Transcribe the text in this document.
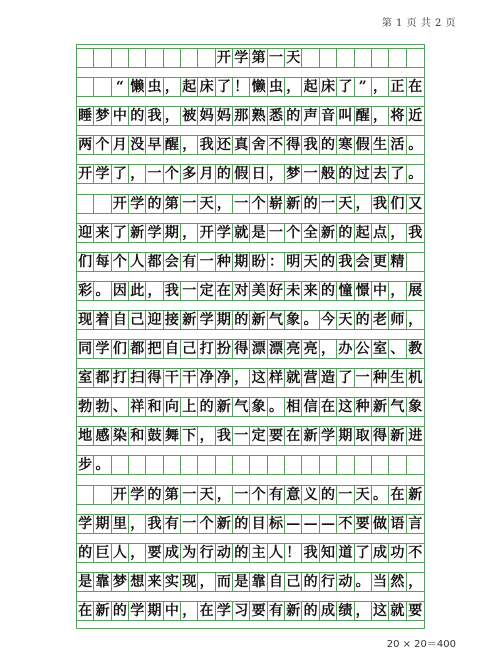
第 1 页 共 2 页
开 学 第 一 天
“ 懒 虫 ， 起 床 了 ！ 懒 虫 ， 起 床 了 ” ， 正 在
睡 梦 中 的 我 ， 被 妈 妈 那 熟 悉 的 声 音 叫 醒 ， 将 近
两 个 月 没 早 醒 ， 我 还 真 舍 不 得 我 的 寒 假 生 活 。
开 学 了 ， 一 个 多 月 的 假 日 ， 梦 一 般 的 过 去 了 。
开 学 的 第 一 天 ， 一 个 崭 新 的 一 天 ， 我 们 又
迎 来 了 新 学 期 ， 开 学 就 是 一 个 全 新 的 起 点 ， 我
们 每 个 人 都 会 有 一 种 期 盼 ： 明 天 的 我 会 更 精
彩 。 因 此 ， 我 一 定 在 对 美 好 未 来 的 憧 憬 中 ， 展
现 着 自 己 迎 接 新 学 期 的 新 气 象 。 今 天 的 老 师 ，
同 学 们 都 把 自 己 打 扮 得 漂 漂 亮 亮 ， 办 公 室 、 教
室 都 打 扫 得 干 干 净 净 ， 这 样 就 营 造 了 一 种 生 机
勃 勃 、 祥 和 向 上 的 新 气 象 。 相 信 在 这 种 新 气 象
地 感 染 和 鼓 舞 下 ， 我 一 定 要 在 新 学 期 取 得 新 进
步 。
开 学 的 第 一 天 ， 一 个 有 意 义 的 一 天 。 在 新
学 期 里 ， 我 有 一 个 新 的 目 标 — — — 不 要 做 语 言
的 巨 人 ， 要 成 为 行 动 的 主 人 ！ 我 知 道 了 成 功 不
是 靠 梦 想 来 实 现 ， 而 是 靠 自 己 的 行 动 。 当 然 ，
在 新 的 学 期 中 ， 在 学 习 要 有 新 的 成 绩 ， 这 就 要
20 × 20＝400
